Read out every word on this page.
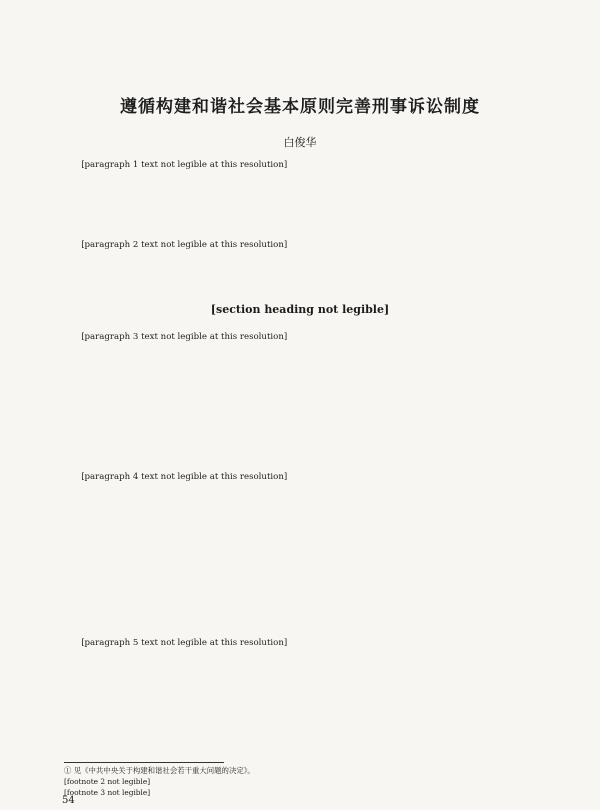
遵循构建和谐社会基本原则完善刑事诉讼制度
白俊华

[paragraph 1 text not legible at this resolution]

[paragraph 2 text not legible at this resolution]

[section heading not legible]

[paragraph 3 text not legible at this resolution]

[paragraph 4 text not legible at this resolution]

[paragraph 5 text not legible at this resolution]

① 见《中共中央关于构建和谐社会若干重大问题的决定》。

[footnote 2 not legible]

[footnote 3 not legible]

54
